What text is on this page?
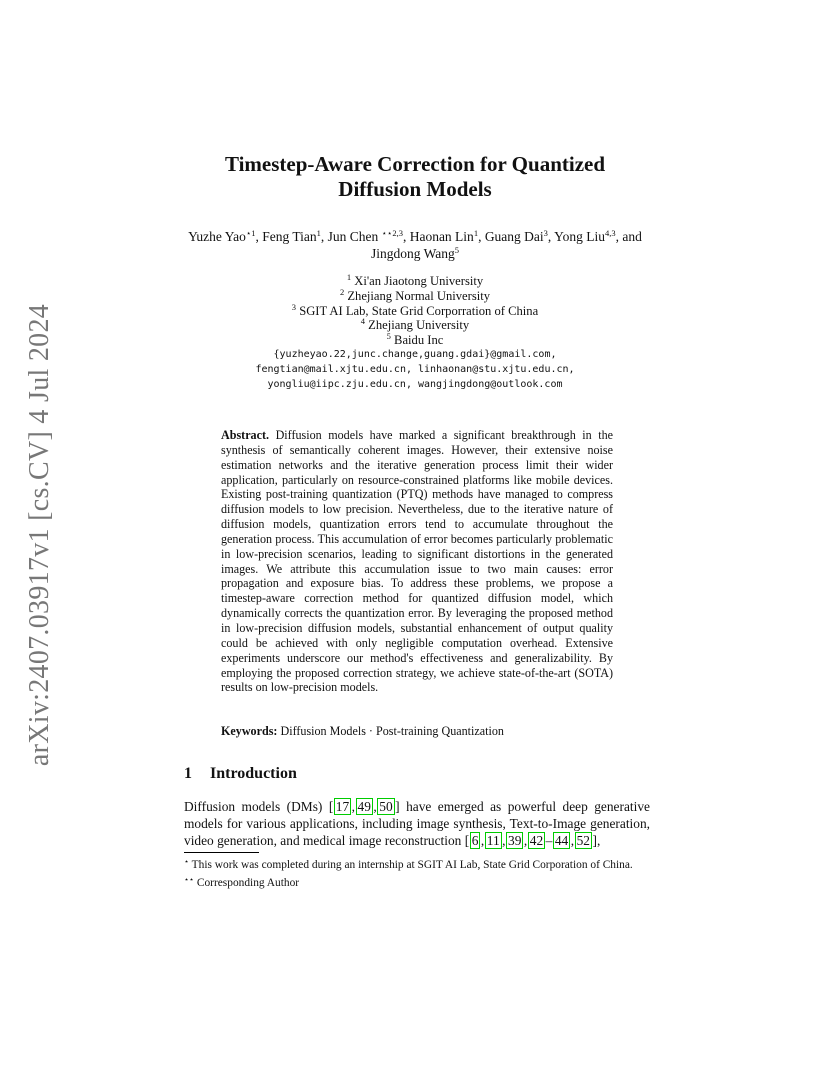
arXiv:2407.03917v1 [cs.CV] 4 Jul 2024
Timestep-Aware Correction for Quantized
Diffusion Models
Yuzhe Yao$^{⋆1}$, Feng Tian$^1$, Jun Chen $^{⋆⋆2,3}$, Haonan Lin$^1$, Guang Dai$^3$, Yong Liu$^{4,3}$, and Jingdong Wang$^5$
$^1$ Xi'an Jiaotong University
$^2$ Zhejiang Normal University
$^3$ SGIT AI Lab, State Grid Corporration of China
$^4$ Zhejiang University
$^5$ Baidu Inc
{yuzheyao.22,junc.change,guang.gdai}@gmail.com,
fengtian@mail.xjtu.edu.cn, linhaonan@stu.xjtu.edu.cn,
yongliu@iipc.zju.edu.cn, wangjingdong@outlook.com
Abstract. Diffusion models have marked a significant breakthrough in the synthesis of semantically coherent images. However, their extensive noise estimation networks and the iterative generation process limit their wider application, particularly on resource-constrained platforms like mobile devices. Existing post-training quantization (PTQ) methods have managed to compress diffusion models to low precision. Nevertheless, due to the iterative nature of diffusion models, quantization errors tend to accumulate throughout the generation process. This accumulation of error becomes particularly problematic in low-precision scenarios, leading to significant distortions in the generated images. We attribute this accumulation issue to two main causes: error propagation and exposure bias. To address these problems, we propose a timestep-aware correction method for quantized diffusion model, which dynamically corrects the quantization error. By leveraging the proposed method in low-precision diffusion models, substantial enhancement of output quality could be achieved with only negligible computation overhead. Extensive experiments underscore our method's effectiveness and generalizability. By employing the proposed correction strategy, we achieve state-of-the-art (SOTA) results on low-precision models.
Keywords: Diffusion Models · Post-training Quantization
1 Introduction
Diffusion models (DMs) [ 17 , 49 , 50 ] have emerged as powerful deep generative models for various applications, including image synthesis, Text-to-Image generation, video generation, and medical image reconstruction [ 6 , 11 , 39 , 42 – 44 , 52 ],
⋆ This work was completed during an internship at SGIT AI Lab, State Grid Corporation of China.
⋆⋆ Corresponding Author
